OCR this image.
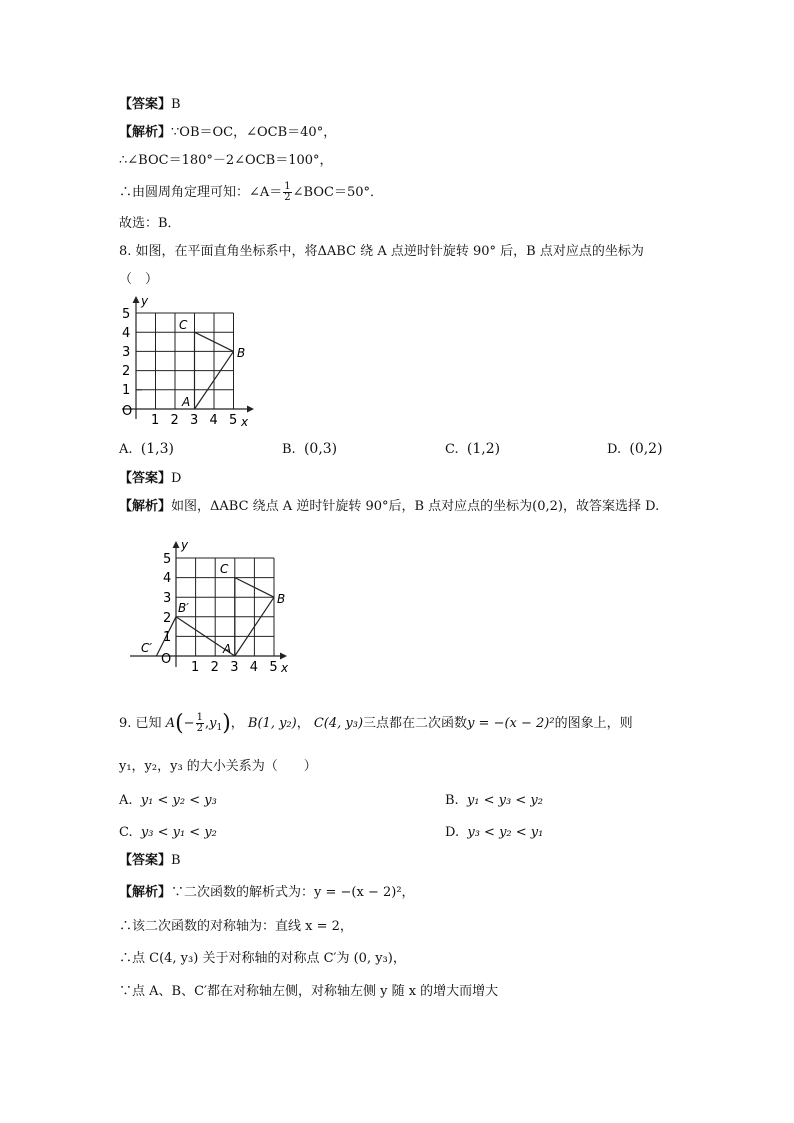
【答案】B
【解析】∵OB＝OC，∠OCB＝40°，
∴∠BOC＝180°－2∠OCB＝100°，
∴由圆周角定理可知：∠A＝ $\frac{1}{2}$ ∠BOC＝50°．
故选：B．
8. 如图，在平面直角坐标系中，将ΔABC 绕 A 点逆时针旋转 90° 后，B 点对应点的坐标为
（　）
O
1 2 3 4 5 x
1
2
3
4
5
y
A
B
C
A. (1,3)	B. (0,3)	C. (1,2)	D. (0,2)
【答案】D
【解析】如图，ΔABC 绕点 A 逆时针旋转 90°后，B 点对应点的坐标为(0,2)，故答案选择 D.
O
1 2 3 4 5 x
1
2
3
4
5
y
A
B
C
B′
C′
9. 已知 $A(- \frac{1}{2} ,y_1)$， B(1, y₂)， C(4, y₃)三点都在二次函数y = −(x − 2)²的图象上，则
y₁，y₂，y₃ 的大小关系为（　　）
A. y₁ < y₂ < y₃	B. y₁ < y₃ < y₂
C. y₃ < y₁ < y₂	D. y₃ < y₂ < y₁
【答案】B
【解析】∵二次函数的解析式为：y = −(x − 2)²，
∴该二次函数的对称轴为：直线 x = 2，
∴点 C(4, y₃) 关于对称轴的对称点 C′为 (0, y₃)，
∵点 A、B、C′都在对称轴左侧，对称轴左侧 y 随 x 的增大而增大
